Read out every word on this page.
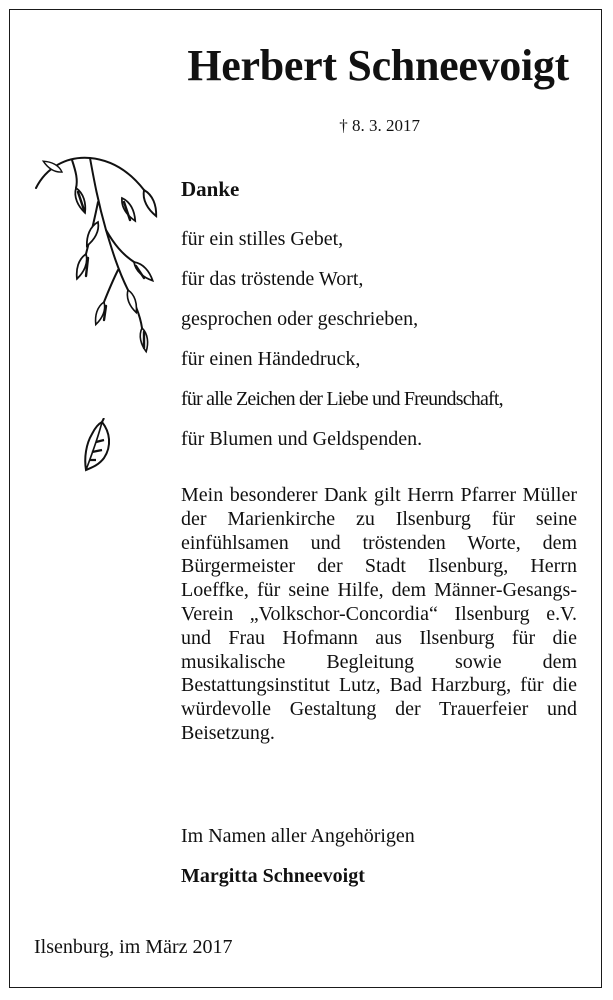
Herbert Schneevoigt
† 8. 3. 2017
Danke
für ein stilles Gebet,
für das tröstende Wort,
gesprochen oder geschrieben,
für einen Händedruck,
für alle Zeichen der Liebe und Freundschaft,
für Blumen und Geldspenden.

Mein besonderer Dank gilt Herrn Pfarrer Müller der Marienkirche zu Ilsenburg für seine einfühlsamen und tröstenden Worte, dem Bürgermeister der Stadt Ilsenburg, Herrn Loeffke, für seine Hilfe, dem Männer-Gesangs-Verein „Volkschor-Concordia“ Ilsenburg e.V. und Frau Hofmann aus Ilsenburg für die musikalische Begleitung sowie dem Bestattungsinstitut Lutz, Bad Harzburg, für die würdevolle Gestaltung der Trauerfeier und Beisetzung.

Im Namen aller Angehörigen
Margitta Schneevoigt
Ilsenburg, im März 2017
